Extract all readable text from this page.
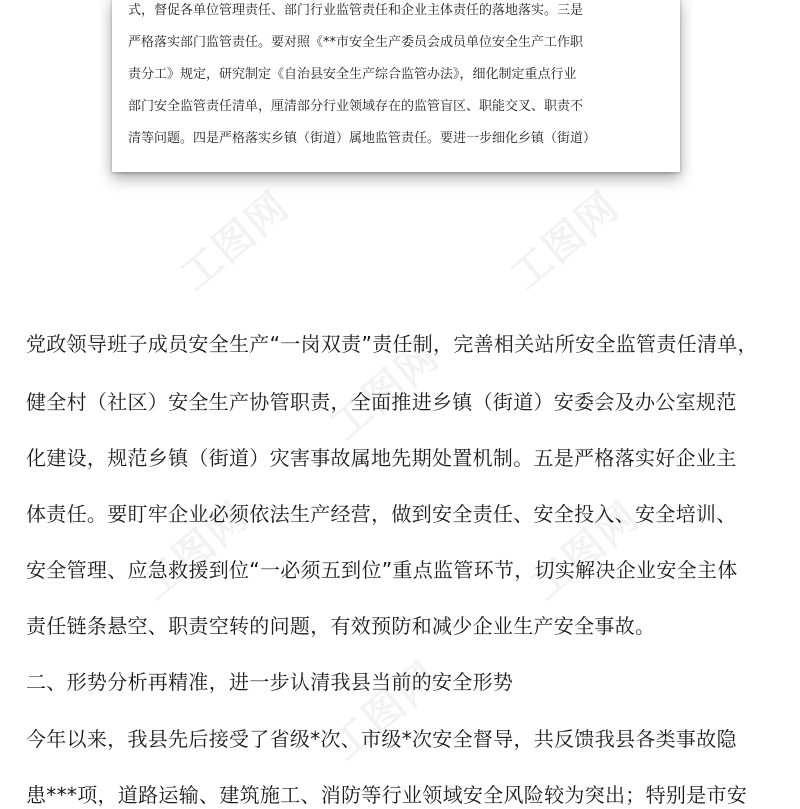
式，督促各单位管理责任、部门行业监管责任和企业主体责任的落地落实。三是
严格落实部门监管责任。要对照《**市安全生产委员会成员单位安全生产工作职
责分工》规定，研究制定《自治县安全生产综合监管办法》，细化制定重点行业
部门安全监管责任清单，厘清部分行业领域存在的监管盲区、职能交叉、职责不
清等问题。四是严格落实乡镇（街道）属地监管责任。要进一步细化乡镇（街道）
工图网	工图网
工图网
工图网	工图网
工图网
党政领导班子成员安全生产“一岗双责”责任制，完善相关站所安全监管责任清单，
健全村（社区）安全生产协管职责，全面推进乡镇（街道）安委会及办公室规范
化建设，规范乡镇（街道）灾害事故属地先期处置机制。五是严格落实好企业主
体责任。要盯牢企业必须依法生产经营，做到安全责任、安全投入、安全培训、
安全管理、应急救援到位“一必须五到位”重点监管环节，切实解决企业安全主体
责任链条悬空、职责空转的问题，有效预防和减少企业生产安全事故。
二、形势分析再精准，进一步认清我县当前的安全形势
今年以来，我县先后接受了省级*次、市级*次安全督导，共反馈我县各类事故隐
患***项，道路运输、建筑施工、消防等行业领域安全风险较为突出；特别是市安
